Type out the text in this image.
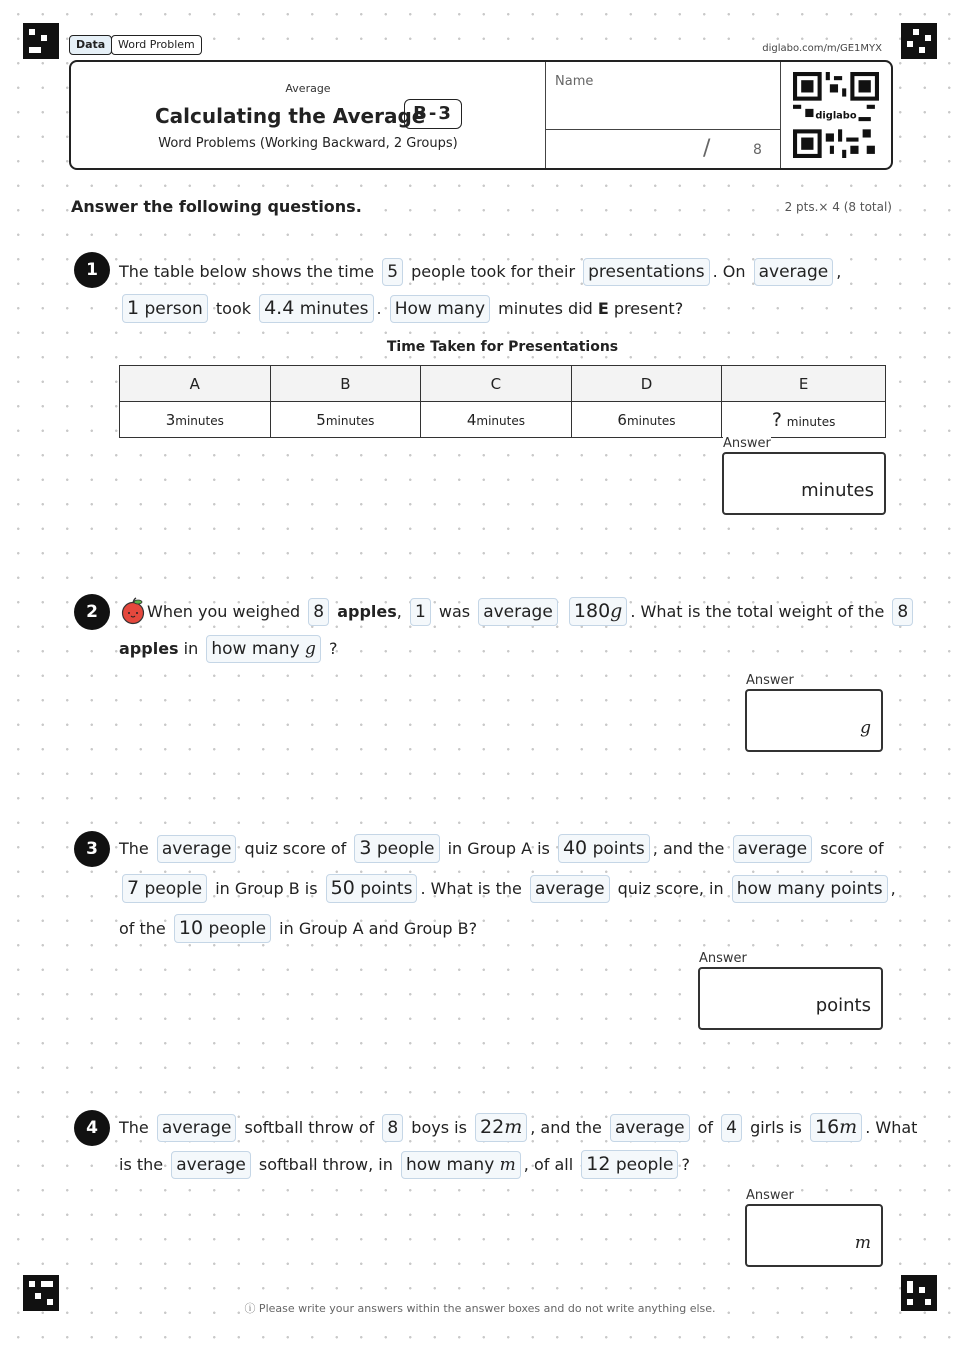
Data	Word Problem	diglabo.com/m/GE1MYX
Average
Calculating the Average
B-3
Word Problems (Working Backward, 2 Groups)
Name
/	8
diglabo
Answer the following questions.	2 pts.× 4 (8 total)
1	The table below shows the time 5 people took for their presentations . On average ,
1 person took 4.4 minutes . How many minutes did E present?
Time Taken for Presentations
A	B	C	D	E
3minutes	5minutes	4minutes	6minutes	? minutes
Answer
minutes
2	When you weighed 8 apples, 1 was average 180g . What is the total weight of the 8
apples in how many g ?
Answer
g
3	The average quiz score of 3 people in Group A is 40 points , and the average score of
7 people in Group B is 50 points . What is the average quiz score, in how many points ,
of the 10 people in Group A and Group B?
Answer
points
4	The average softball throw of 8 boys is 22m , and the average of 4 girls is 16m . What
is the average softball throw, in how many m , of all 12 people ?
Answer
m
ⓘ Please write your answers within the answer boxes and do not write anything else.
